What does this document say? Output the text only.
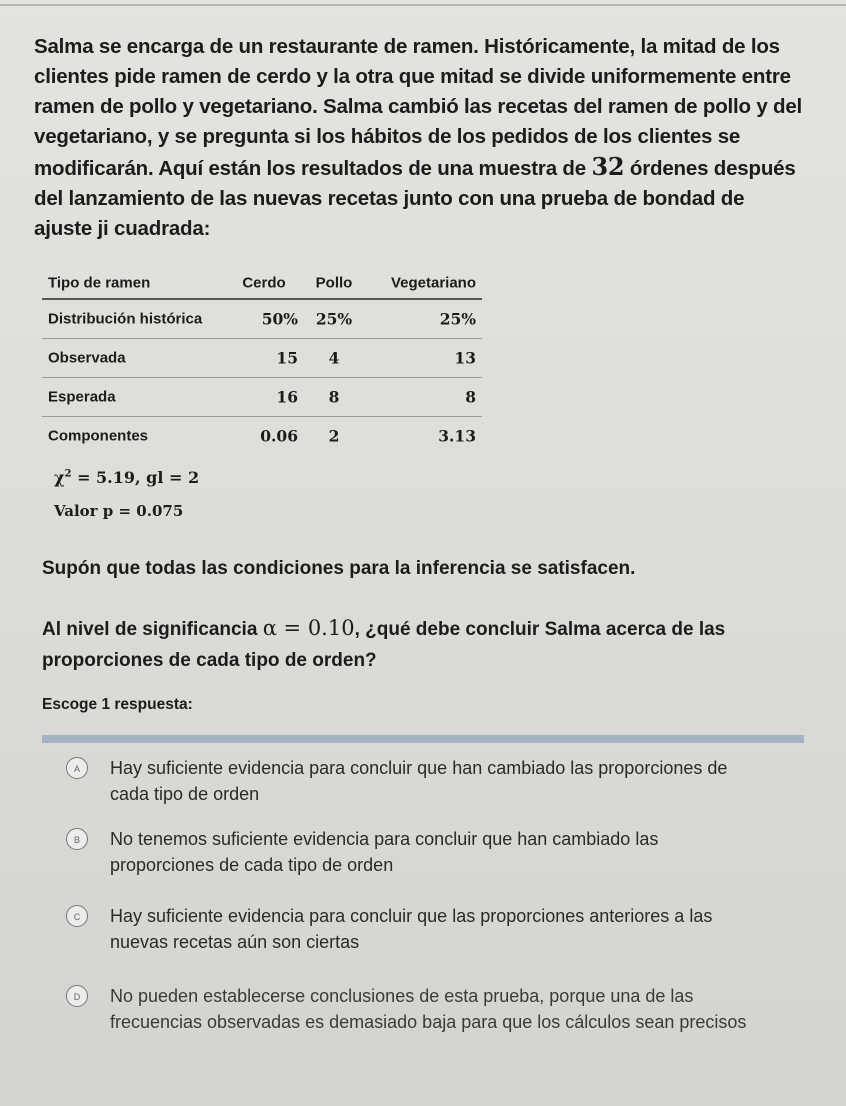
Salma se encarga de un restaurante de ramen. Históricamente, la mitad de los clientes pide ramen de cerdo y la otra que mitad se divide uniformemente entre ramen de pollo y vegetariano. Salma cambió las recetas del ramen de pollo y del vegetariano, y se pregunta si los hábitos de los pedidos de los clientes se modificarán. Aquí están los resultados de una muestra de 32 órdenes después del lanzamiento de las nuevas recetas junto con una prueba de bondad de ajuste ji cuadrada:
Tipo de ramen	Cerdo	Pollo	Vegetariano
Distribución histórica	50%	25%	25%
Observada	15	4	13
Esperada	16	8	8
Componentes	0.06	2	3.13
$\chi^2 = 5.19$, gl = 2
Valor p = 0.075
Supón que todas las condiciones para la inferencia se satisfacen.
Al nivel de significancia α = 0.10, ¿qué debe concluir Salma acerca de las proporciones de cada tipo de orden?
Escoge 1 respuesta:
A	Hay suficiente evidencia para concluir que han cambiado las proporciones de cada tipo de orden
B	No tenemos suficiente evidencia para concluir que han cambiado las proporciones de cada tipo de orden
C	Hay suficiente evidencia para concluir que las proporciones anteriores a las nuevas recetas aún son ciertas
D	No pueden establecerse conclusiones de esta prueba, porque una de las frecuencias observadas es demasiado baja para que los cálculos sean precisos
